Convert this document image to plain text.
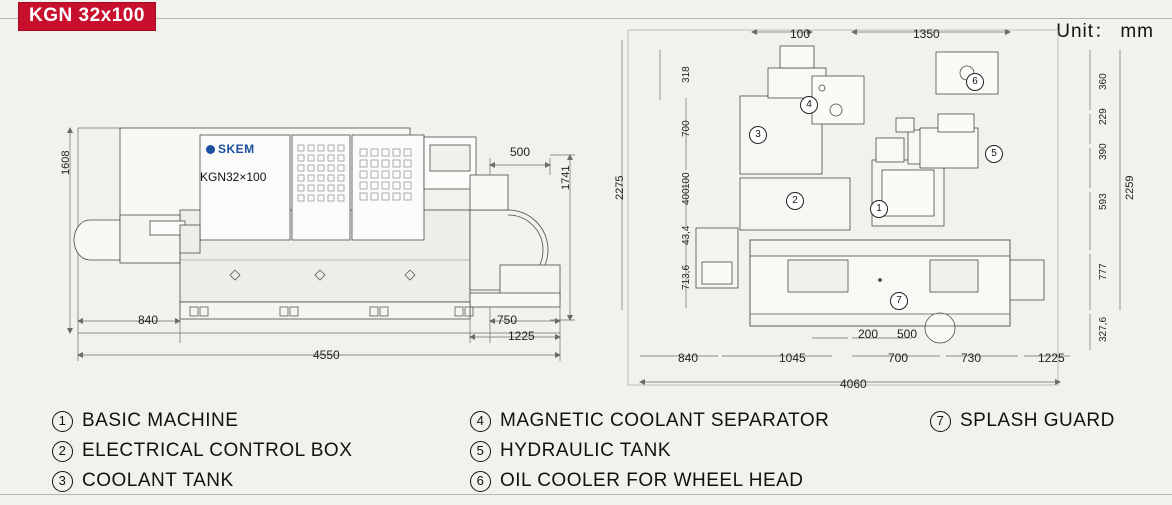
KGN 32x100
Unit： mm
1608
1741
840
4550
500
750
1225
SKEM
KGN32×100
100	1350
2275
318
700
400
100
43,4
713,6
2259
360
229
390
593
777
327,6
840	1045
200 500
700	730	1225
4060
1
2
3
4
5
6
7
1 BASIC MACHINE
2 ELECTRICAL CONTROL BOX
3 COOLANT TANK
4 MAGNETIC COOLANT SEPARATOR
5 HYDRAULIC TANK
6 OIL COOLER FOR WHEEL HEAD
7 SPLASH GUARD
